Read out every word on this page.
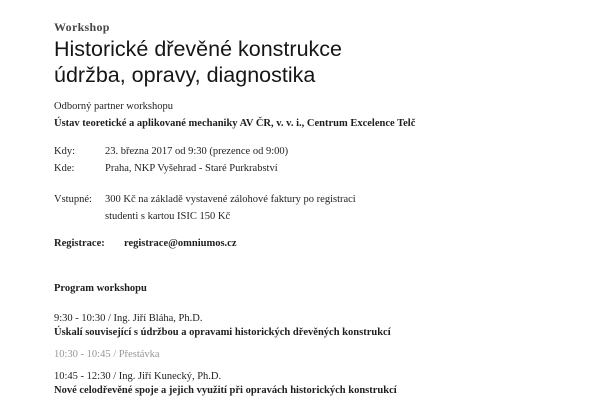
Workshop
Historické dřevěné konstrukce
údržba, opravy, diagnostika
Odborný partner workshopu
Ústav teoretické a aplikované mechaniky AV ČR, v. v. i., Centrum Excelence Telč
Kdy:	23. března 2017 od 9:30 (prezence od 9:00)
Kde:	Praha, NKP Vyšehrad - Staré Purkrabství
Vstupné:	300 Kč na základě vystavené zálohové faktury po registraci
studenti s kartou ISIC 150 Kč
Registrace:	registrace@omniumos.cz
Program workshopu
9:30 - 10:30 / Ing. Jiří Bláha, Ph.D.
Úskalí související s údržbou a opravami historických dřevěných konstrukcí
10:30 - 10:45 / Přestávka
10:45 - 12:30 / Ing. Jiří Kunecký, Ph.D.
Nové celodřevěné spoje a jejich využití při opravách historických konstrukcí
